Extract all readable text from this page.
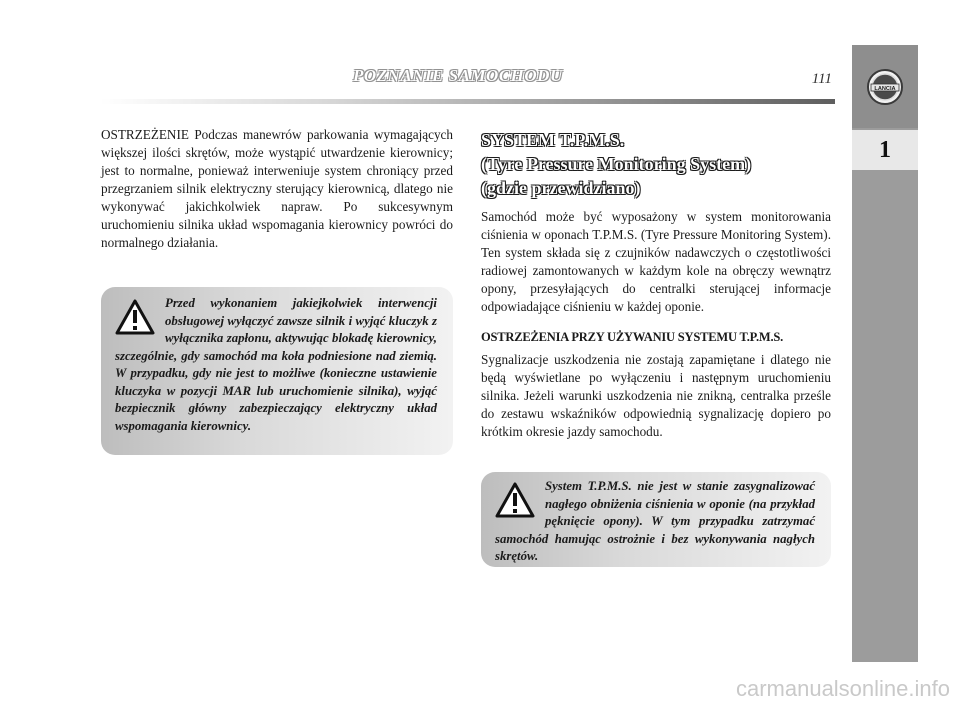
POZNANIE SAMOCHODU	111
LANCIA
1

OSTRZEŻENIE Podczas manewrów parkowania wymagających większej ilości skrętów, może wystąpić utwardzenie kierownicy; jest to normalne, ponieważ interweniuje system chroniący przed przegrzaniem silnik elektryczny sterujący kierownicą, dlatego nie wykonywać jakichkolwiek napraw. Po sukcesywnym uruchomieniu silnika układ wspomagania kierownicy powróci do normalnego działania.

Przed wykonaniem jakiejkolwiek interwencji obsługowej wyłączyć zawsze silnik i wyjąć kluczyk z wyłącznika zapłonu, aktywując blokadę kierownicy, szczególnie, gdy samochód ma koła podniesione nad ziemią. W przypadku, gdy nie jest to możliwe (konieczne ustawienie kluczyka w pozycji MAR lub uruchomienie silnika), wyjąć bezpiecznik główny zabezpieczający elektryczny układ wspomagania kierownicy.
SYSTEM T.P.M.S.
(Tyre Pressure Monitoring System)
(gdzie przewidziano)

Samochód może być wyposażony w system monitorowania ciśnienia w oponach T.P.M.S. (Tyre Pressure Monitoring System). Ten system składa się z czujników nadawczych o częstotliwości radiowej zamontowanych w każdym kole na obręczy wewnątrz opony, przesyłających do centralki sterującej informacje odpowiadające ciśnieniu w każdej oponie.

OSTRZEŻENIA PRZY UŻYWANIU SYSTEMU T.P.M.S.

Sygnalizacje uszkodzenia nie zostają zapamiętane i dlatego nie będą wyświetlane po wyłączeniu i następnym uruchomieniu silnika. Jeżeli warunki uszkodzenia nie znikną, centralka prześle do zestawu wskaźników odpowiednią sygnalizację dopiero po krótkim okresie jazdy samochodu.

System T.P.M.S. nie jest w stanie zasygnalizować nagłego obniżenia ciśnienia w oponie (na przykład pęknięcie opony). W tym przypadku zatrzymać samochód hamując ostrożnie i bez wykonywania nagłych skrętów.
carmanualsonline.info
